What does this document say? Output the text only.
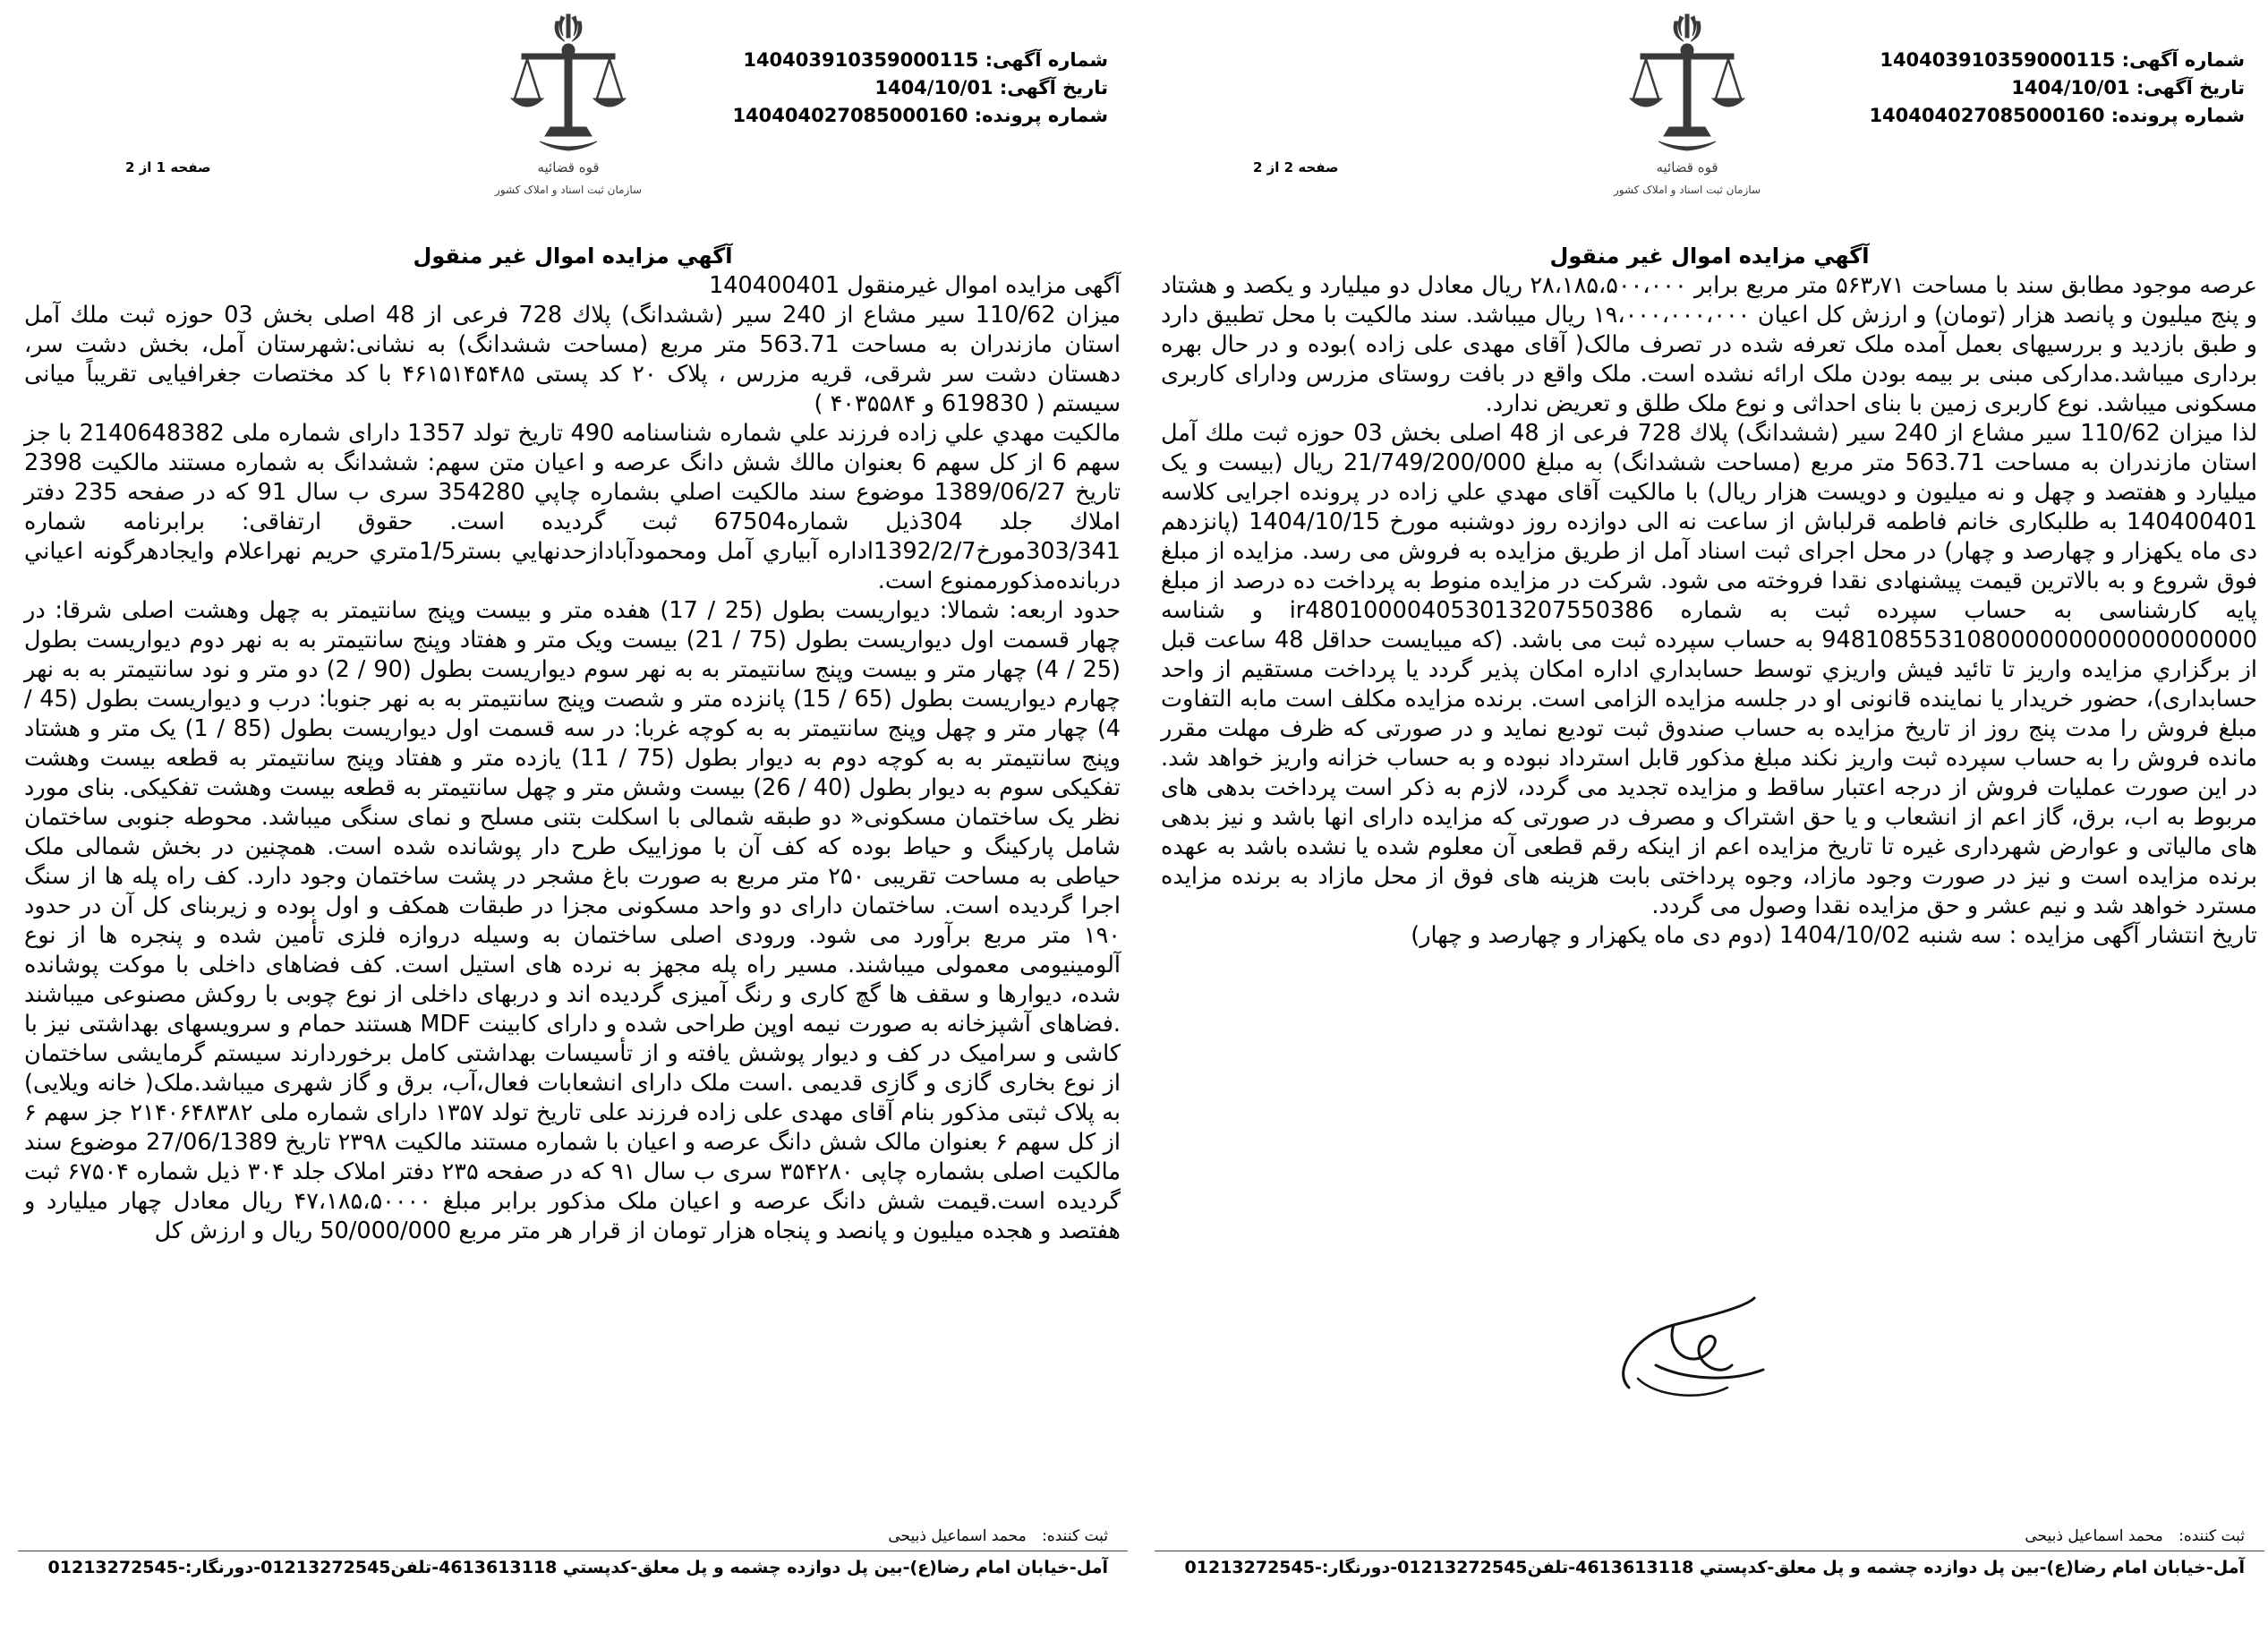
شماره آگهی: 140403910359000115
تاریخ آگهی: 1404/10/01
شماره پرونده: 140404027085000160
قوه قضائیه
سازمان ثبت اسناد و املاک کشور
صفحه 1 از 2
آگهي مزايده اموال غير منقول

آگهی مزايده اموال غيرمنقول 140400401

ميزان 110/62 سير مشاع از 240 سير (ششدانگ) پلاك 728 فرعی از 48 اصلی بخش 03 حوزه ثبت ملك آمل استان مازندران به مساحت 563.71 متر مربع (مساحت ششدانگ) به نشانی:شهرستان آمل، بخش دشت سر، دهستان دشت سر شرقی، قریه مزرس ، پلاک ۲۰ کد پستی ۴۶۱۵۱۴۵۴۸۵ با کد مختصات جغرافیایی تقریباً میانی سیستم ( 619830 و ۴۰۳۵۵۸۴ )

مالكيت مهدي علي زاده فرزند علي شماره شناسنامه 490 تاريخ تولد 1357 دارای شماره ملی 2140648382 با جز سهم 6 از كل سهم 6 بعنوان مالك شش دانگ عرصه و اعيان متن سهم: ششدانگ به شماره مستند مالكيت 2398 تاريخ 1389/06/27 موضوع سند مالكيت اصلي بشماره چاپي 354280 سری ب سال 91 كه در صفحه 235 دفتر املاك جلد 304ذيل شماره67504 ثبت گرديده است. حقوق ارتفاقی: برابرنامه شماره 303/341مورخ1392/2/7اداره آبياري آمل ومحمودآبادازحدنهايي بستر1/5متري حريم نهراعلام وايجادهرگونه اعياني دربانده‌مذكورممنوع است.

حدود اربعه: شمالا: دیواریست بطول (25 / 17) هفده متر و بیست وپنج سانتیمتر به چهل وهشت اصلی شرقا: در چهار قسمت اول دیواریست بطول (75 / 21) بیست ویک متر و هفتاد وپنج سانتیمتر به به نهر دوم دیواریست بطول (25 / 4) چهار متر و بیست وپنج سانتیمتر به به نهر سوم دیواریست بطول (90 / 2) دو متر و نود سانتیمتر به به نهر چهارم دیواریست بطول (65 / 15) پانزده متر و شصت وپنج سانتیمتر به به نهر جنوبا: درب و دیواریست بطول (45 / 4) چهار متر و چهل وپنج سانتیمتر به به کوچه غربا: در سه قسمت اول دیواریست بطول (85 / 1) یک متر و هشتاد وپنج سانتیمتر به به کوچه دوم به دیوار بطول (75 / 11) یازده متر و هفتاد وپنج سانتیمتر به قطعه بیست وهشت تفکیکی سوم به دیوار بطول (40 / 26) بیست وشش متر و چهل سانتیمتر به قطعه بیست وهشت تفکیکی. بنای مورد نظر یک ساختمان مسکونی« دو طبقه شمالی با اسکلت بتنی مسلح و نمای سنگی میباشد. محوطه جنوبی ساختمان شامل پارکینگ و حیاط بوده که کف آن با موزاییک طرح دار پوشانده شده است. همچنین در بخش شمالی ملک حیاطی به مساحت تقریبی ۲۵۰ متر مربع به صورت باغ مشجر در پشت ساختمان وجود دارد. کف راه پله ها از سنگ اجرا گردیده است. ساختمان دارای دو واحد مسکونی مجزا در طبقات همکف و اول بوده و زیربنای کل آن در حدود ۱۹۰ متر مربع برآورد می شود. ورودی اصلی ساختمان به وسیله دروازه فلزی تأمین شده و پنجره ها از نوع آلومینیومی معمولی میباشند. مسیر راه پله مجهز به نرده های استیل است. کف فضاهای داخلی با موکت پوشانده شده، دیوارها و سقف ها گچ کاری و رنگ آمیزی گردیده اند و دربهای داخلی از نوع چوبی با روکش مصنوعی میباشند .فضاهای آشپزخانه به صورت نیمه اوپن طراحی شده و دارای کابینت MDF هستند حمام و سرویسهای بهداشتی نیز با کاشی و سرامیک در کف و دیوار پوشش یافته و از تأسیسات بهداشتی کامل برخوردارند سیستم گرمایشی ساختمان از نوع بخاری گازی و گازی قدیمی .است ملک دارای انشعابات فعال،آب، برق و گاز شهری میباشد.ملک( خانه ویلایی) به پلاک ثبتی مذکور بنام آقای مهدی علی زاده فرزند علی تاریخ تولد ۱۳۵۷ دارای شماره ملی ۲۱۴۰۶۴۸۳۸۲ جز سهم ۶ از کل سهم ۶ بعنوان مالک شش دانگ عرصه و اعیان با شماره مستند مالکیت ۲۳۹۸ تاریخ 27/06/1389 موضوع سند مالکیت اصلی بشماره چاپی ۳۵۴۲۸۰ سری ب سال ۹۱ که در صفحه ۲۳۵ دفتر املاک جلد ۳۰۴ ذیل شماره ۶۷۵۰۴ ثبت گردیده است.قیمت شش دانگ عرصه و اعیان ملک مذکور برابر مبلغ ۴۷،۱۸۵،۵۰۰۰۰ ریال معادل چهار میلیارد و هفتصد و هجده میلیون و پانصد و پنجاه هزار تومان از قرار هر متر مربع 50/000/000 ریال و ارزش کل

ثبت کننده: محمد اسماعیل ذبیحی
آمل-خیابان امام رضا(ع)-بین پل دوازده چشمه و پل معلق-کدپستي 4613613118-تلفن01213272545-دورنگار:-01213272545
شماره آگهی: 140403910359000115
تاریخ آگهی: 1404/10/01
شماره پرونده: 140404027085000160
قوه قضائیه
سازمان ثبت اسناد و املاک کشور
صفحه 2 از 2
آگهي مزايده اموال غير منقول

عرصه موجود مطابق سند با مساحت ۵۶۳٫۷۱ متر مربع برابر ۲۸،۱۸۵،۵۰۰،۰۰۰ ریال معادل دو میلیارد و یکصد و هشتاد و پنج میلیون و پانصد هزار (تومان) و ارزش کل اعیان ۱۹،۰۰۰،۰۰۰،۰۰۰ ریال میباشد. سند مالکیت با محل تطبیق دارد و طبق بازدید و بررسیهای بعمل آمده ملک تعرفه شده در تصرف مالک( آقای مهدی علی زاده )بوده و در حال بهره برداری میباشد.مدارکی مبنی بر بیمه بودن ملک ارائه نشده است. ملک واقع در بافت روستای مزرس ودارای کاربری مسکونی میباشد. نوع کاربری زمین با بنای احداثی و نوع ملک طلق و تعریض ندارد.

لذا ميزان 110/62 سير مشاع از 240 سير (ششدانگ) پلاك 728 فرعی از 48 اصلی بخش 03 حوزه ثبت ملك آمل استان مازندران به مساحت 563.71 متر مربع (مساحت ششدانگ) به مبلغ 21/749/200/000 ريال (بيست و يک ميليارد و هفتصد و چهل و نه ميليون و دويست هزار ريال) با مالكيت آقای مهدي علي زاده در پرونده اجرايی كلاسه 140400401 به طلبكاری خانم فاطمه قرلباش از ساعت نه الی دوازده روز دوشنبه مورخ 1404/10/15 (پانزدهم دی ماه يكهزار و چهارصد و چهار) در محل اجرای ثبت اسناد آمل از طريق مزايده به فروش می رسد. مزايده از مبلغ فوق شروع و به بالاترين قيمت پيشنهادی نقدا فروخته می شود. شركت در مزايده منوط به پرداخت ده درصد از مبلغ پايه كارشناسی به حساب سپرده ثبت به شماره ir480100004053013207550386 و شناسه 948108553108000000000000000000 به حساب سپرده ثبت می باشد. (كه میبايست حداقل 48 ساعت قبل از برگزاري مزايده واريز تا تائيد فيش واريزي توسط حسابداري اداره امكان پذير گردد يا پرداخت مستقيم از واحد حسابداری)، حضور خريدار يا نماينده قانونی او در جلسه مزايده الزامی است. برنده مزايده مكلف است مابه التفاوت مبلغ فروش را مدت پنج روز از تاريخ مزايده به حساب صندوق ثبت توديع نمايد و در صورتی كه ظرف مهلت مقرر مانده فروش را به حساب سپرده ثبت واريز نكند مبلغ مذكور قابل استرداد نبوده و به حساب خزانه واريز خواهد شد. در اين صورت عمليات فروش از درجه اعتبار ساقط و مزايده تجديد می گردد، لازم به ذكر است پرداخت بدهی های مربوط به اب، برق، گاز اعم از انشعاب و يا حق اشتراک و مصرف در صورتی كه مزايده دارای انها باشد و نيز بدهی های مالياتی و عوارض شهرداری غيره تا تاريخ مزايده اعم از اينكه رقم قطعی آن معلوم شده يا نشده باشد به عهده برنده مزايده است و نيز در صورت وجود مازاد، وجوه پرداختی بابت هزينه های فوق از محل مازاد به برنده مزايده مسترد خواهد شد و نيم عشر و حق مزايده نقدا وصول می گردد.

تاريخ انتشار آگهی مزايده : سه شنبه 1404/10/02 (دوم دی ماه يكهزار و چهارصد و چهار)

ثبت کننده: محمد اسماعیل ذبیحی
آمل-خیابان امام رضا(ع)-بین پل دوازده چشمه و پل معلق-کدپستي 4613613118-تلفن01213272545-دورنگار:-01213272545
